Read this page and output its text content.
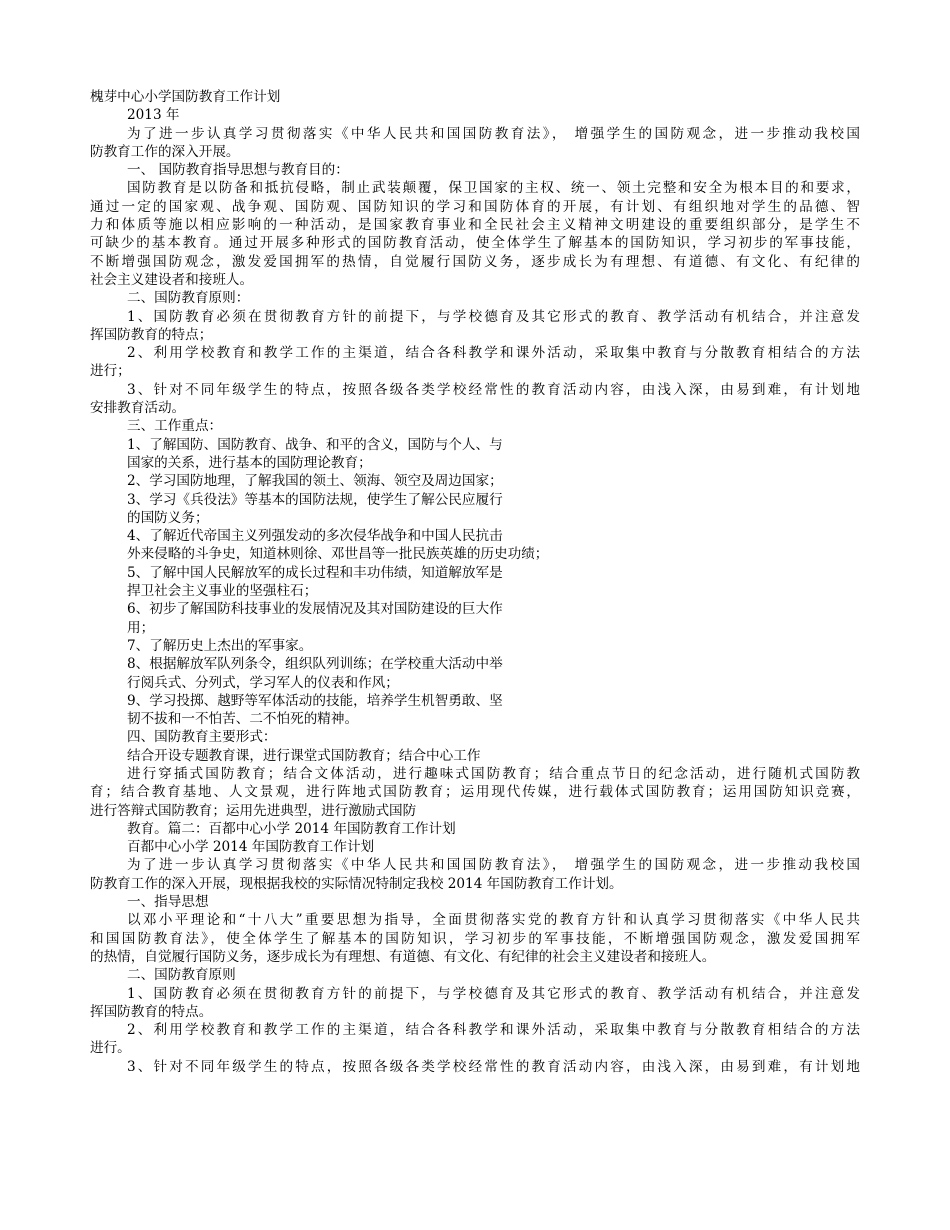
槐芽中心小学国防教育工作计划
2013 年
为了进一步认真学习贯彻落实《中华人民共和国国防教育法》， 增强学生的国防观念，进一步推动我校国
防教育工作的深入开展。
一、 国防教育指导思想与教育目的：
国防教育是以防备和抵抗侵略，制止武装颠覆，保卫国家的主权、统一、领土完整和安全为根本目的和要求，
通过一定的国家观、战争观、国防观、国防知识的学习和国防体育的开展，有计划、有组织地对学生的品德、智
力和体质等施以相应影响的一种活动，是国家教育事业和全民社会主义精神文明建设的重要组织部分，是学生不
可缺少的基本教育。通过开展多种形式的国防教育活动，使全体学生了解基本的国防知识，学习初步的军事技能，
不断增强国防观念，激发爱国拥军的热情，自觉履行国防义务，逐步成长为有理想、有道德、有文化、有纪律的
社会主义建设者和接班人。
二、国防教育原则：
1、国防教育必须在贯彻教育方针的前提下，与学校德育及其它形式的教育、教学活动有机结合，并注意发
挥国防教育的特点；
2、利用学校教育和教学工作的主渠道，结合各科教学和课外活动，采取集中教育与分散教育相结合的方法
进行；
3、针对不同年级学生的特点，按照各级各类学校经常性的教育活动内容，由浅入深，由易到难，有计划地
安排教育活动。
三、工作重点：
1、了解国防、国防教育、战争、和平的含义，国防与个人、与
国家的关系，进行基本的国防理论教育；
2、学习国防地理，了解我国的领土、领海、领空及周边国家；
3、学习《兵役法》等基本的国防法规，使学生了解公民应履行
的国防义务；
4、了解近代帝国主义列强发动的多次侵华战争和中国人民抗击
外来侵略的斗争史，知道林则徐、邓世昌等一批民族英雄的历史功绩；
5、了解中国人民解放军的成长过程和丰功伟绩，知道解放军是
捍卫社会主义事业的坚强柱石；
6、初步了解国防科技事业的发展情况及其对国防建设的巨大作
用；
7、了解历史上杰出的军事家。
8、根据解放军队列条令，组织队列训练；在学校重大活动中举
行阅兵式、分列式，学习军人的仪表和作风；
9、学习投掷、越野等军体活动的技能，培养学生机智勇敢、坚
韧不拔和一不怕苦、二不怕死的精神。
四、国防教育主要形式：
结合开设专题教育课，进行课堂式国防教育；结合中心工作
进行穿插式国防教育；结合文体活动，进行趣味式国防教育；结合重点节日的纪念活动，进行随机式国防教
育；结合教育基地、人文景观，进行阵地式国防教育；运用现代传媒，进行载体式国防教育；运用国防知识竞赛，
进行答辩式国防教育；运用先进典型，进行激励式国防
教育。篇二：百都中心小学 2014 年国防教育工作计划
百都中心小学 2014 年国防教育工作计划
为了进一步认真学习贯彻落实《中华人民共和国国防教育法》， 增强学生的国防观念，进一步推动我校国
防教育工作的深入开展，现根据我校的实际情况特制定我校 2014 年国防教育工作计划。
一、指导思想
以邓小平理论和“十八大”重要思想为指导，全面贯彻落实党的教育方针和认真学习贯彻落实《中华人民共
和国国防教育法》，使全体学生了解基本的国防知识，学习初步的军事技能，不断增强国防观念，激发爱国拥军
的热情，自觉履行国防义务，逐步成长为有理想、有道德、有文化、有纪律的社会主义建设者和接班人。
二、国防教育原则
1、国防教育必须在贯彻教育方针的前提下，与学校德育及其它形式的教育、教学活动有机结合，并注意发
挥国防教育的特点。
2、利用学校教育和教学工作的主渠道，结合各科教学和课外活动，采取集中教育与分散教育相结合的方法
进行。
3、针对不同年级学生的特点，按照各级各类学校经常性的教育活动内容，由浅入深，由易到难，有计划地
